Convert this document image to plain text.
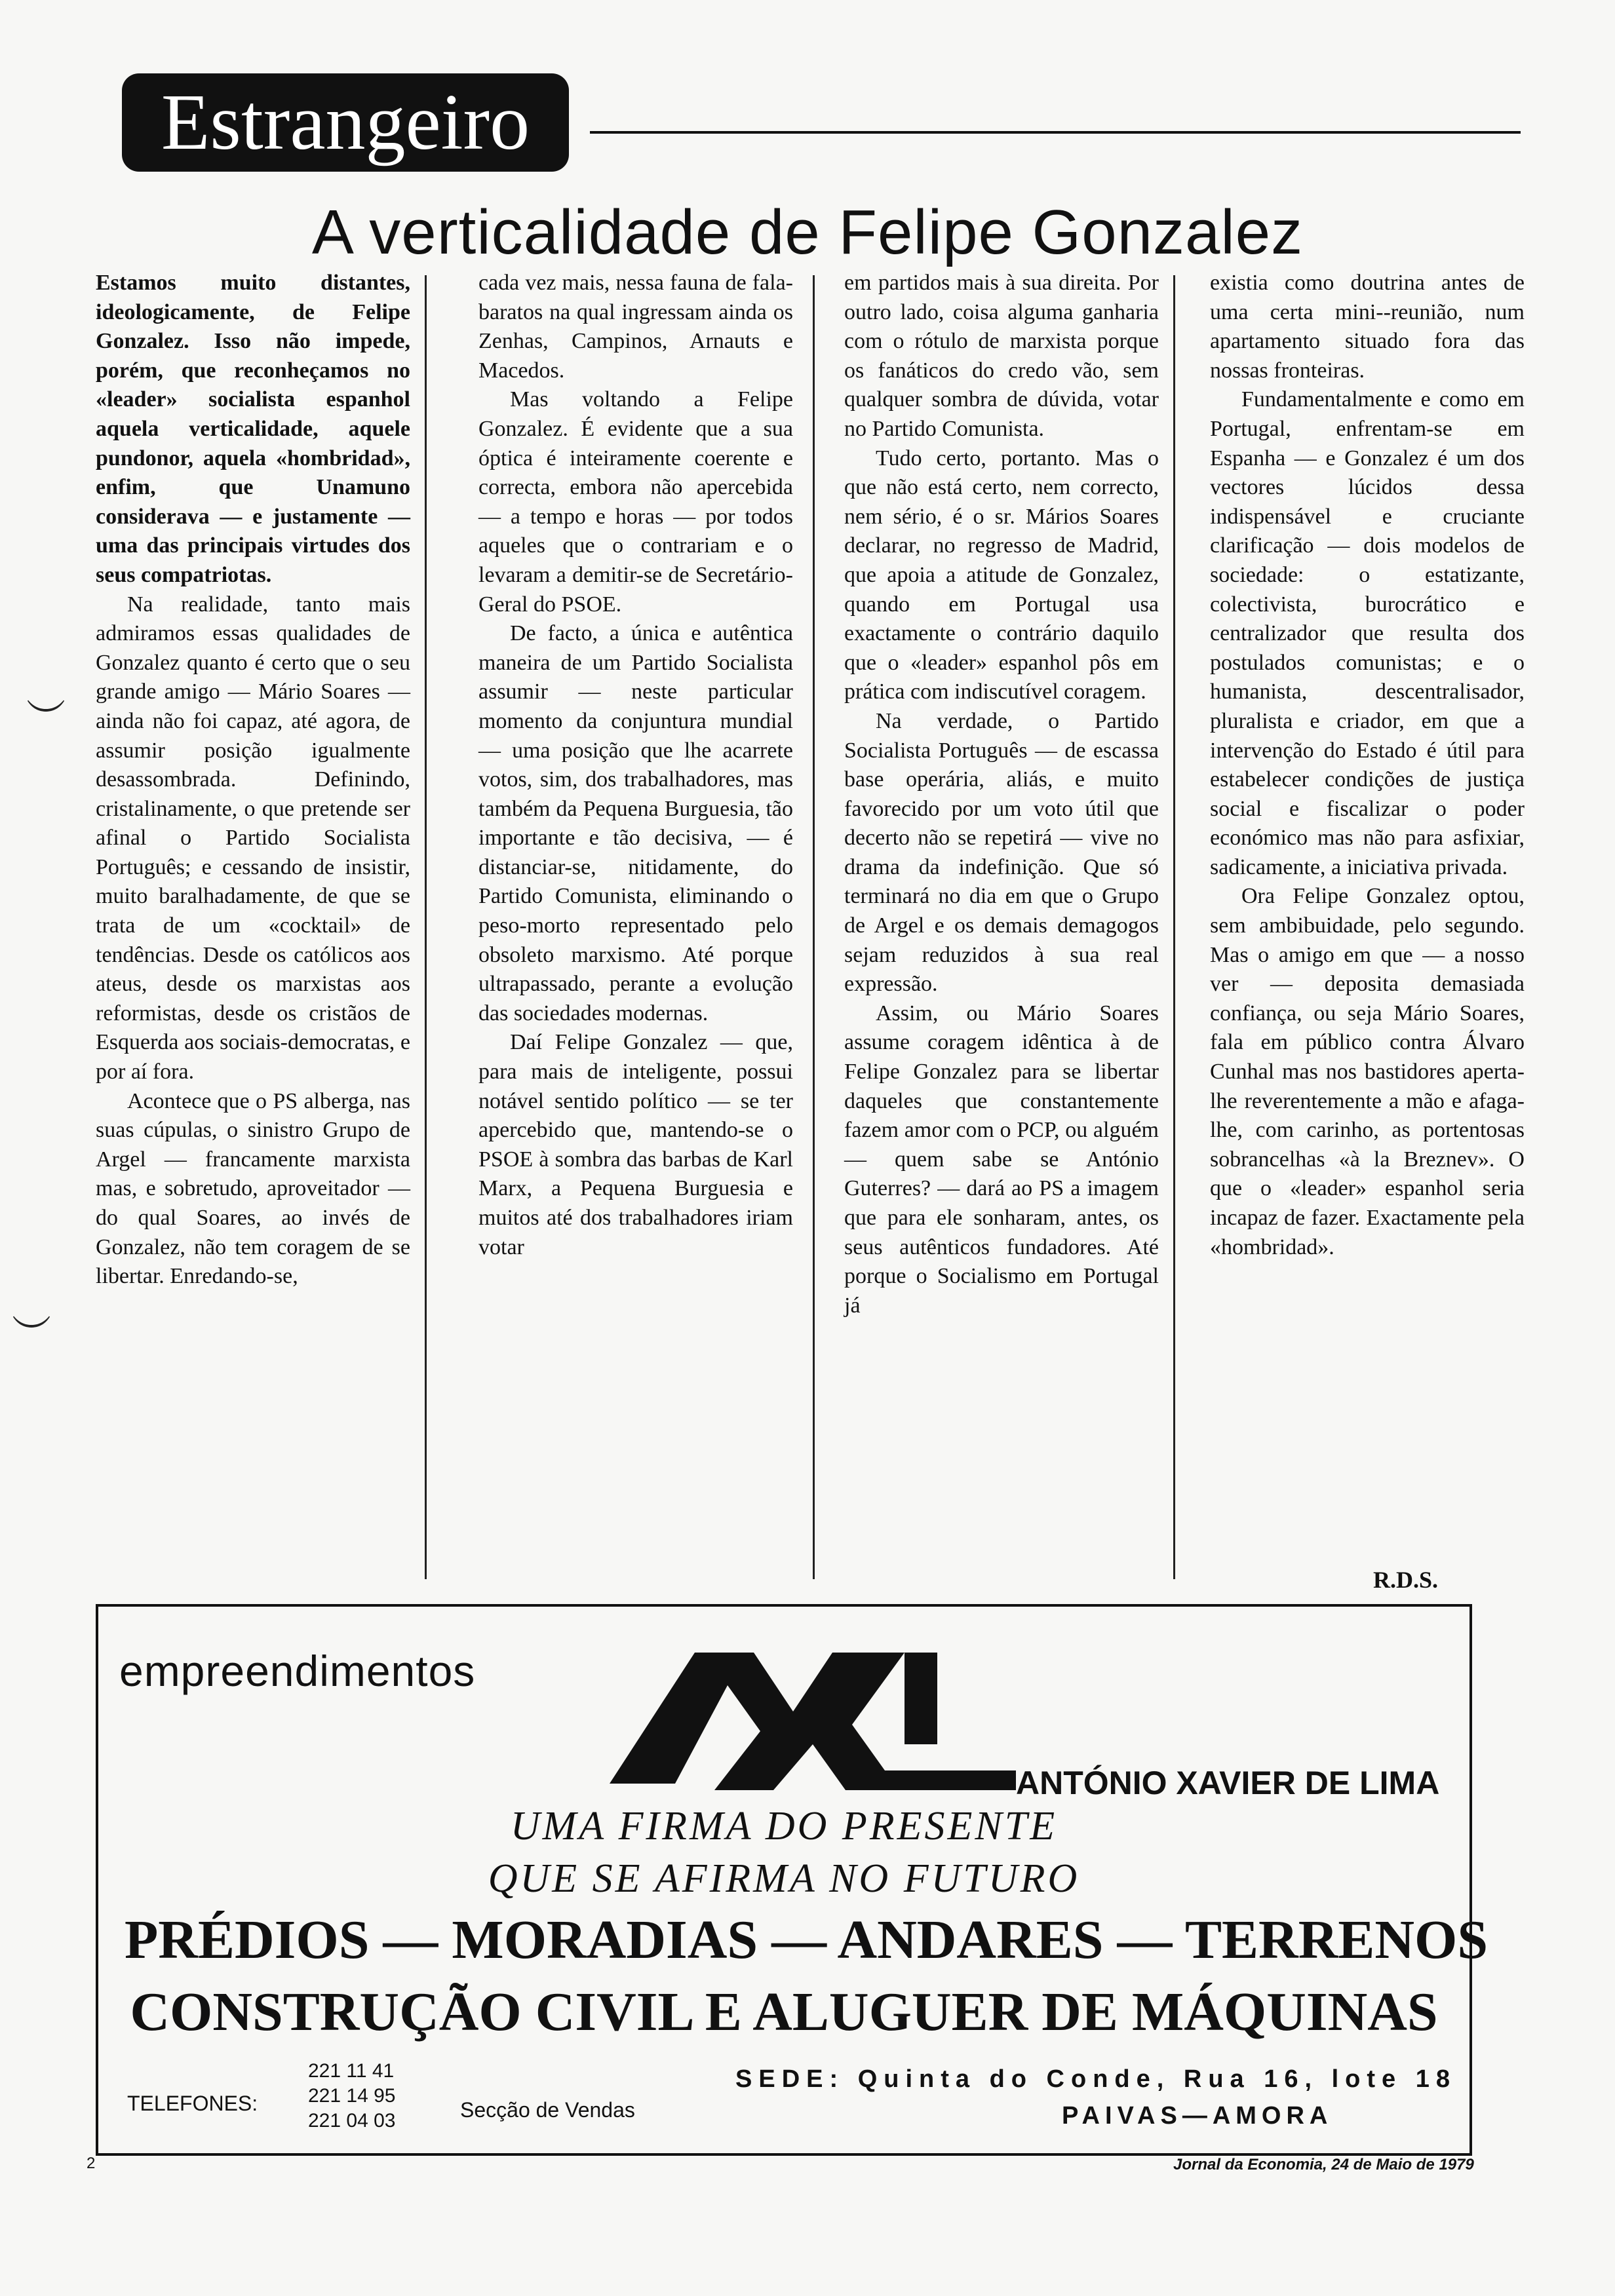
Estrangeiro
A verticalidade de Felipe Gonzalez

Estamos muito distantes, ideologicamente, de Felipe Gonzalez. Isso não impede, porém, que reconheçamos no «leader» socialista espanhol aquela verticalidade, aquele pundonor, aquela «hombridad», enfim, que Unamuno considerava — e justamente — uma das principais virtudes dos seus compatriotas.

Na realidade, tanto mais admiramos essas qualidades de Gonzalez quanto é certo que o seu grande amigo — Mário Soares — ainda não foi capaz, até agora, de assumir posição igualmente desassombrada. Definindo, cristalinamente, o que pretende ser afinal o Partido Socialista Português; e cessando de insistir, muito baralhadamente, de que se trata de um «cocktail» de tendências. Desde os católicos aos ateus, desde os marxistas aos reformistas, desde os cristãos de Esquerda aos sociais-democratas, e por aí fora.

Acontece que o PS alberga, nas suas cúpulas, o sinistro Grupo de Argel — francamente marxista mas, e sobretudo, aproveitador — do qual Soares, ao invés de Gonzalez, não tem coragem de se libertar. Enredando-se,

cada vez mais, nessa fauna de fala-baratos na qual ingressam ainda os Zenhas, Campinos, Arnauts e Macedos.

Mas voltando a Felipe Gonzalez. É evidente que a sua óptica é inteiramente coerente e correcta, embora não apercebida — a tempo e horas — por todos aqueles que o contrariam e o levaram a demitir-se de Secretário-Geral do PSOE.

De facto, a única e autêntica maneira de um Partido Socialista assumir — neste particular momento da conjuntura mundial — uma posição que lhe acarrete votos, sim, dos trabalhadores, mas também da Pequena Burguesia, tão importante e tão decisiva, — é distanciar-se, nitidamente, do Partido Comunista, eliminando o peso-morto representado pelo obsoleto marxismo. Até porque ultrapassado, perante a evolução das sociedades modernas.

Daí Felipe Gonzalez — que, para mais de inteligente, possui notável sentido político — se ter apercebido que, mantendo-se o PSOE à sombra das barbas de Karl Marx, a Pequena Burguesia e muitos até dos trabalhadores iriam votar

em partidos mais à sua direita. Por outro lado, coisa alguma ganharia com o rótulo de marxista porque os fanáticos do credo vão, sem qualquer sombra de dúvida, votar no Partido Comunista.

Tudo certo, portanto. Mas o que não está certo, nem correcto, nem sério, é o sr. Mários Soares declarar, no regresso de Madrid, que apoia a atitude de Gonzalez, quando em Portugal usa exactamente o contrário daquilo que o «leader» espanhol pôs em prática com indiscutível coragem.

Na verdade, o Partido Socialista Português — de escassa base operária, aliás, e muito favorecido por um voto útil que decerto não se repetirá — vive no drama da indefinição. Que só terminará no dia em que o Grupo de Argel e os demais demagogos sejam reduzidos à sua real expressão.

Assim, ou Mário Soares assume coragem idêntica à de Felipe Gonzalez para se libertar daqueles que constantemente fazem amor com o PCP, ou alguém — quem sabe se António Guterres? — dará ao PS a imagem que para ele sonharam, antes, os seus autênticos fundadores. Até porque o Socialismo em Portugal já

existia como doutrina antes de uma certa mini--reunião, num apartamento situado fora das nossas fronteiras.

Fundamentalmente e como em Portugal, enfrentam-se em Espanha — e Gonzalez é um dos vectores lúcidos dessa indispensável e cruciante clarificação — dois modelos de sociedade: o estatizante, colectivista, burocrático e centralizador que resulta dos postulados comunistas; e o humanista, descentralisador, pluralista e criador, em que a intervenção do Estado é útil para estabelecer condições de justiça social e fiscalizar o poder económico mas não para asfixiar, sadicamente, a iniciativa privada.

Ora Felipe Gonzalez optou, sem ambibuidade, pelo segundo. Mas o amigo em que — a nosso ver — deposita demasiada confiança, ou seja Mário Soares, fala em público contra Álvaro Cunhal mas nos bastidores aperta-lhe reverentemente a mão e afaga-lhe, com carinho, as portentosas sobrancelhas «à la Breznev». O que o «leader» espanhol seria incapaz de fazer. Exactamente pela «hombridad».

R.D.S.
︶
︶
empreendimentos
ANTÓNIO XAVIER DE LIMA
UMA FIRMA DO PRESENTE
QUE SE AFIRMA NO FUTURO
PRÉDIOS — MORADIAS — ANDARES — TERRENOS
CONSTRUÇÃO CIVIL E ALUGUER DE MÁQUINAS
TELEFONES:
221 11 41
221 14 95
221 04 03	Secção de Vendas
SEDE: Quinta do Conde, Rua 16, lote 18
PAIVAS—AMORA
2	Jornal da Economia, 24 de Maio de 1979
